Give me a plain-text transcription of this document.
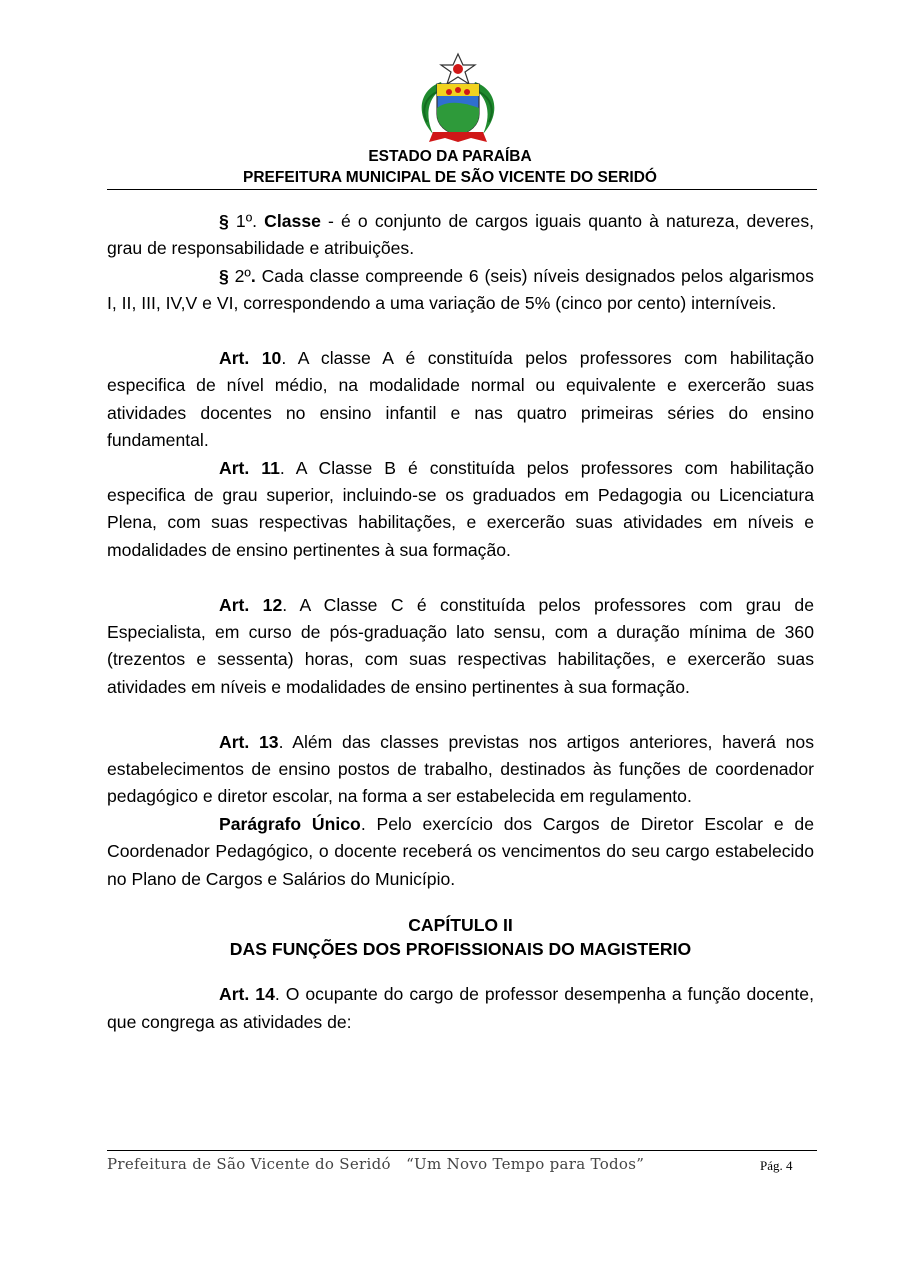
ESTADO DA PARAÍBA
PREFEITURA MUNICIPAL DE SÃO VICENTE DO SERIDÓ

§ 1º. Classe - é o conjunto de cargos iguais quanto à natureza, deveres, grau de responsabilidade e atribuições.

§ 2º. Cada classe compreende 6 (seis) níveis designados pelos algarismos I, II, III, IV,V e VI, correspondendo a uma variação de 5% (cinco por cento) interníveis.

Art. 10. A classe A é constituída pelos professores com habilitação especifica de nível médio, na modalidade normal ou equivalente e exercerão suas atividades docentes no ensino infantil e nas quatro primeiras séries do ensino fundamental.

Art. 11. A Classe B é constituída pelos professores com habilitação especifica de grau superior, incluindo-se os graduados em Pedagogia ou Licenciatura Plena, com suas respectivas habilitações, e exercerão suas atividades em níveis e modalidades de ensino pertinentes à sua formação.

Art. 12. A Classe C é constituída pelos professores com grau de Especialista, em curso de pós-graduação lato sensu, com a duração mínima de 360 (trezentos e sessenta) horas, com suas respectivas habilitações, e exercerão suas atividades em níveis e modalidades de ensino pertinentes à sua formação.

Art. 13. Além das classes previstas nos artigos anteriores, haverá nos estabelecimentos de ensino postos de trabalho, destinados às funções de coordenador pedagógico e diretor escolar, na forma a ser estabelecida em regulamento.

Parágrafo Único. Pelo exercício dos Cargos de Diretor Escolar e de Coordenador Pedagógico, o docente receberá os vencimentos do seu cargo estabelecido no Plano de Cargos e Salários do Município.

CAPÍTULO II

DAS FUNÇÕES DOS PROFISSIONAIS DO MAGISTERIO

Art. 14. O ocupante do cargo de professor desempenha a função docente, que congrega as atividades de:

Prefeitura de São Vicente do Seridó “Um Novo Tempo para Todos”	Pág. 4
